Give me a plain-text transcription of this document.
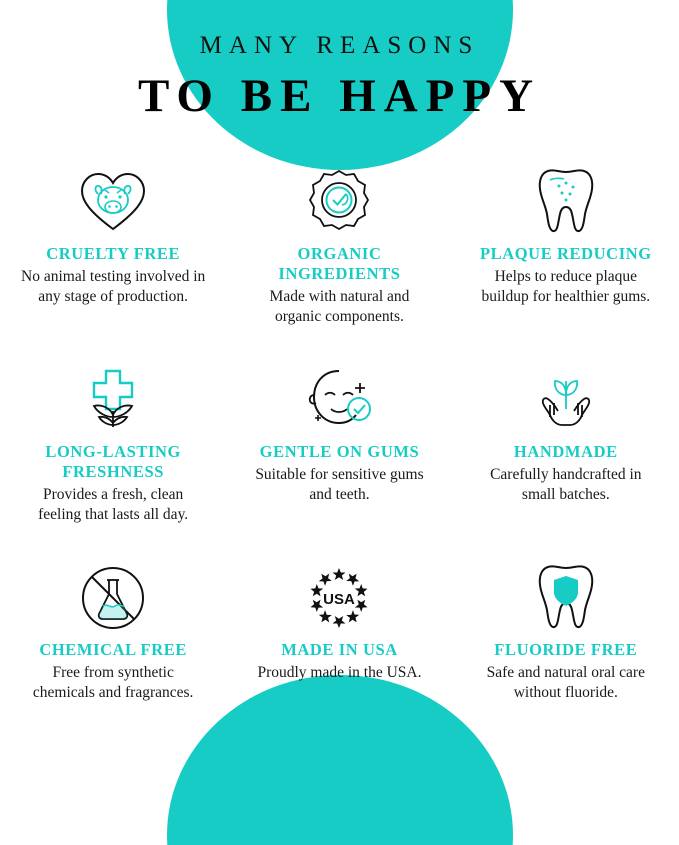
MANY REASONS

TO BE HAPPY

CRUELTY FREE

No animal testing involved in any stage of production.

ORGANIC INGREDIENTS

Made with natural and organic components.

PLAQUE REDUCING

Helps to reduce plaque buildup for healthier gums.

LONG-LASTING FRESHNESS

Provides a fresh, clean feeling that lasts all day.

GENTLE ON GUMS

Suitable for sensitive gums and teeth.

HANDMADE

Carefully handcrafted in small batches.

CHEMICAL FREE

Free from synthetic chemicals and fragrances.

USA

MADE IN USA

Proudly made in the USA.

FLUORIDE FREE

Safe and natural oral care without fluoride.
